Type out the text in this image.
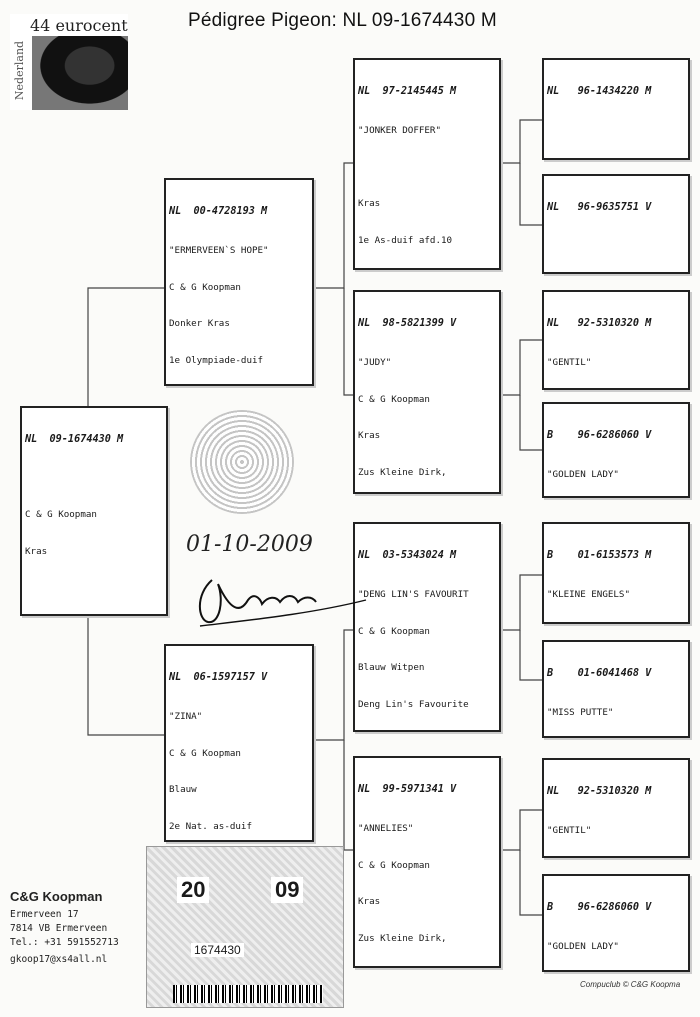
Pédigree Pigeon: NL 09-1674430 M
44 eurocent
Nederland

NL  09-1674430 M

C & G Koopman

Kras

NL  00-4728193 M

"ERMERVEEN`S HOPE"

C & G Koopman

Donker Kras

1e Olympiade-duif

NL  06-1597157 V

"ZINA"

C & G Koopman

Blauw

2e Nat. as-duif

NL  97-2145445 M

"JONKER DOFFER"

Kras

1e As-duif afd.10

NL  98-5821399 V

"JUDY"

C & G Koopman

Kras

Zus Kleine Dirk,

NL  03-5343024 M

"DENG LIN'S FAVOURIT

C & G Koopman

Blauw Witpen

Deng Lin's Favourite

NL  99-5971341 V

"ANNELIES"

C & G Koopman

Kras

Zus Kleine Dirk,

NL   96-1434220 M

NL   96-9635751 V

NL   92-5310320 M

"GENTIL"

B    96-6286060 V

"GOLDEN LADY"

B    01-6153573 M

"KLEINE ENGELS"

B    01-6041468 V

"MISS PUTTE"

NL   92-5310320 M

"GENTIL"

B    96-6286060 V

"GOLDEN LADY"

01-10-2009
C&G Koopman
Ermerveen 17
7814 VB Ermerveen
Tel.: +31 591552713
gkoop17@xs4all.nl
20	09
1674430
Compuclub © C&G Koopma
